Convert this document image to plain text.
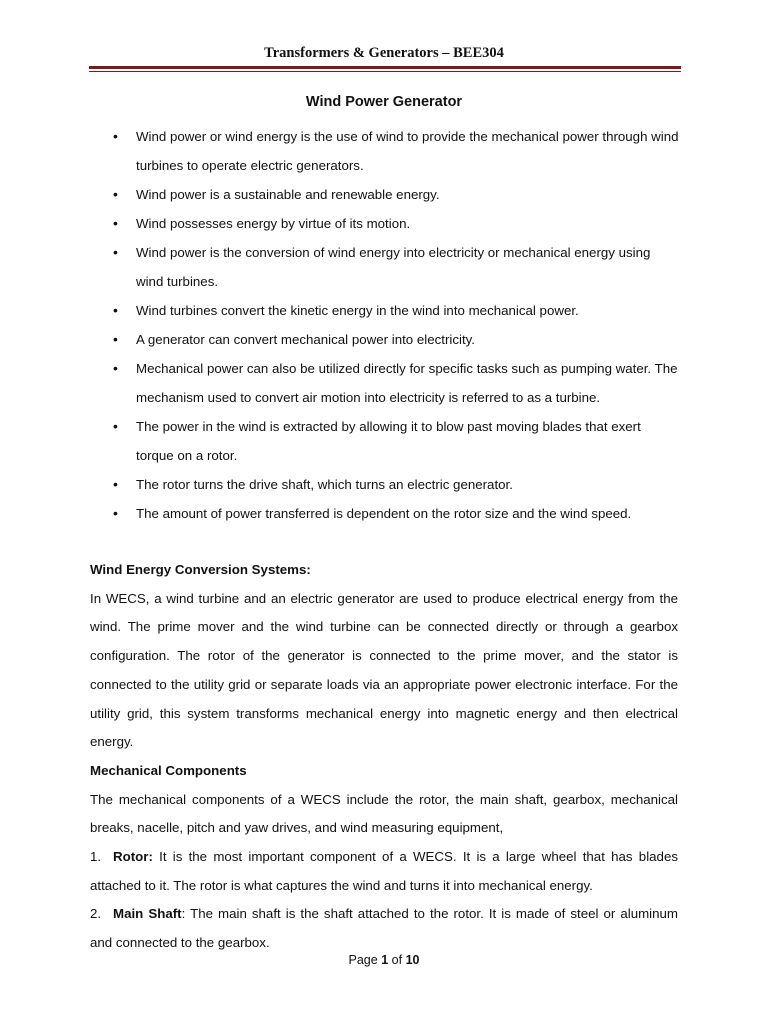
Transformers & Generators – BEE304
Wind Power Generator
• Wind power or wind energy is the use of wind to provide the mechanical power through wind turbines to operate electric generators.
• Wind power is a sustainable and renewable energy.
• Wind possesses energy by virtue of its motion.
• Wind power is the conversion of wind energy into electricity or mechanical energy using wind turbines.
• Wind turbines convert the kinetic energy in the wind into mechanical power.
• A generator can convert mechanical power into electricity.
• Mechanical power can also be utilized directly for specific tasks such as pumping water. The mechanism used to convert air motion into electricity is referred to as a turbine.
• The power in the wind is extracted by allowing it to blow past moving blades that exert torque on a rotor.
• The rotor turns the drive shaft, which turns an electric generator.
• The amount of power transferred is dependent on the rotor size and the wind speed.

Wind Energy Conversion Systems:

In WECS, a wind turbine and an electric generator are used to produce electrical energy from the wind. The prime mover and the wind turbine can be connected directly or through a gearbox configuration. The rotor of the generator is connected to the prime mover, and the stator is connected to the utility grid or separate loads via an appropriate power electronic interface. For the utility grid, this system transforms mechanical energy into magnetic energy and then electrical energy.

Mechanical Components

The mechanical components of a WECS include the rotor, the main shaft, gearbox, mechanical breaks, nacelle, pitch and yaw drives, and wind measuring equipment,

1. Rotor: It is the most important component of a WECS. It is a large wheel that has blades attached to it. The rotor is what captures the wind and turns it into mechanical energy.

2. Main Shaft: The main shaft is the shaft attached to the rotor. It is made of steel or aluminum and connected to the gearbox.

Page 1 of 10
